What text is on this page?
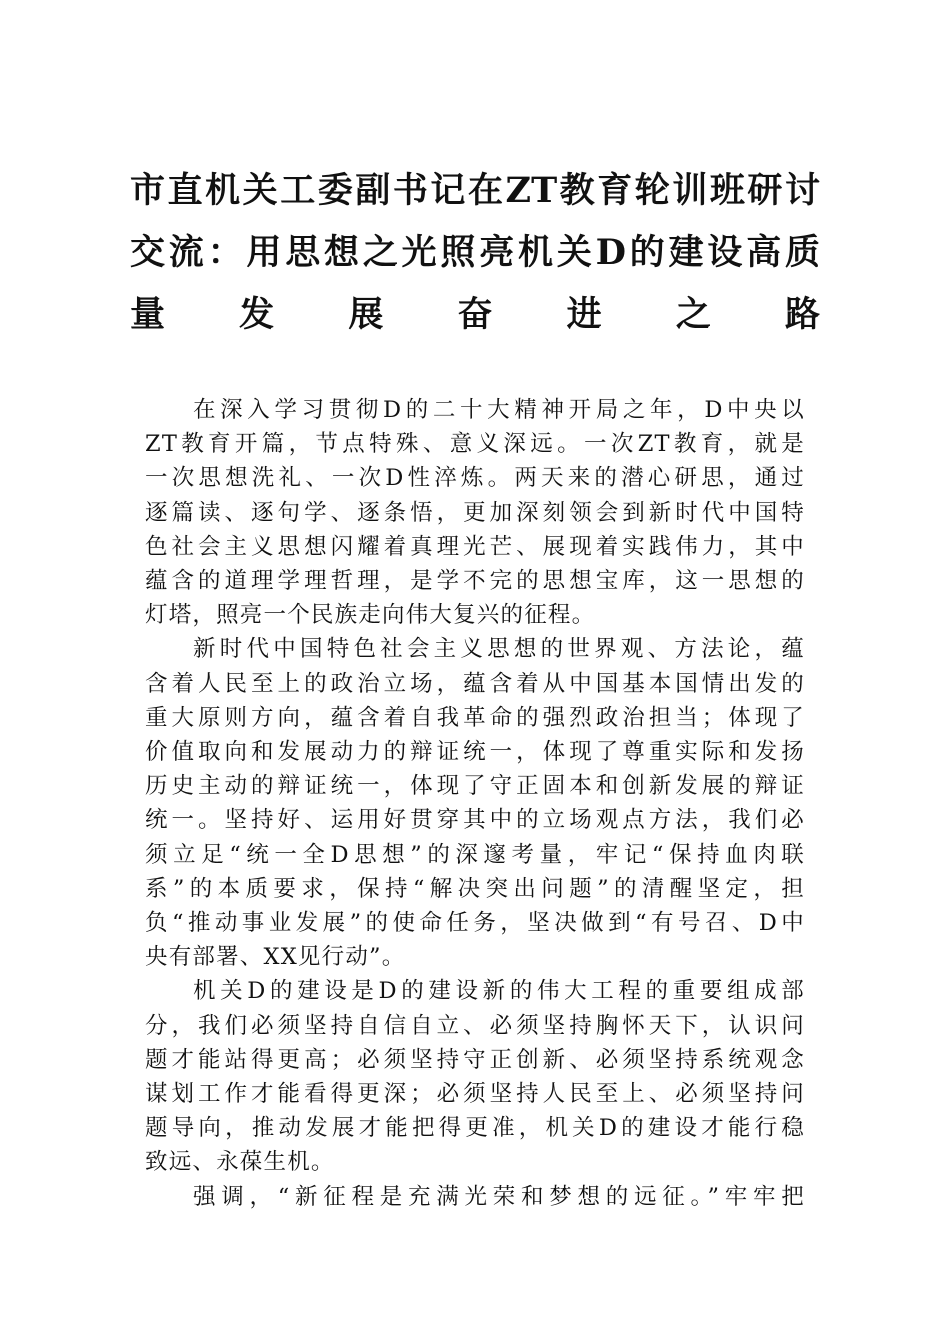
市直机关工委副书记在ZT教育轮训班研讨
交流：用思想之光照亮机关D的建设高质
量发展奋进之路

在深入学习贯彻D的二十大精神开局之年，D中央以
ZT教育开篇，节点特殊、意义深远。一次ZT教育，就是
一次思想洗礼、一次D性淬炼。两天来的潜心研思，通过
逐篇读、逐句学、逐条悟，更加深刻领会到新时代中国特
色社会主义思想闪耀着真理光芒、展现着实践伟力，其中
蕴含的道理学理哲理，是学不完的思想宝库，这一思想的
灯塔，照亮一个民族走向伟大复兴的征程。

新时代中国特色社会主义思想的世界观、方法论，蕴
含着人民至上的政治立场，蕴含着从中国基本国情出发的
重大原则方向，蕴含着自我革命的强烈政治担当；体现了
价值取向和发展动力的辩证统一，体现了尊重实际和发扬
历史主动的辩证统一，体现了守正固本和创新发展的辩证
统一。坚持好、运用好贯穿其中的立场观点方法，我们必
须立足“统一全D思想”的深邃考量，牢记“保持血肉联
系”的本质要求，保持“解决突出问题”的清醒坚定，担
负“推动事业发展”的使命任务，坚决做到“有号召、D中
央有部署、XX见行动”。

机关D的建设是D的建设新的伟大工程的重要组成部
分，我们必须坚持自信自立、必须坚持胸怀天下，认识问
题才能站得更高；必须坚持守正创新、必须坚持系统观念
谋划工作才能看得更深；必须坚持人民至上、必须坚持问
题导向，推动发展才能把得更准，机关D的建设才能行稳
致远、永葆生机。

强调，“新征程是充满光荣和梦想的远征。”牢牢把
